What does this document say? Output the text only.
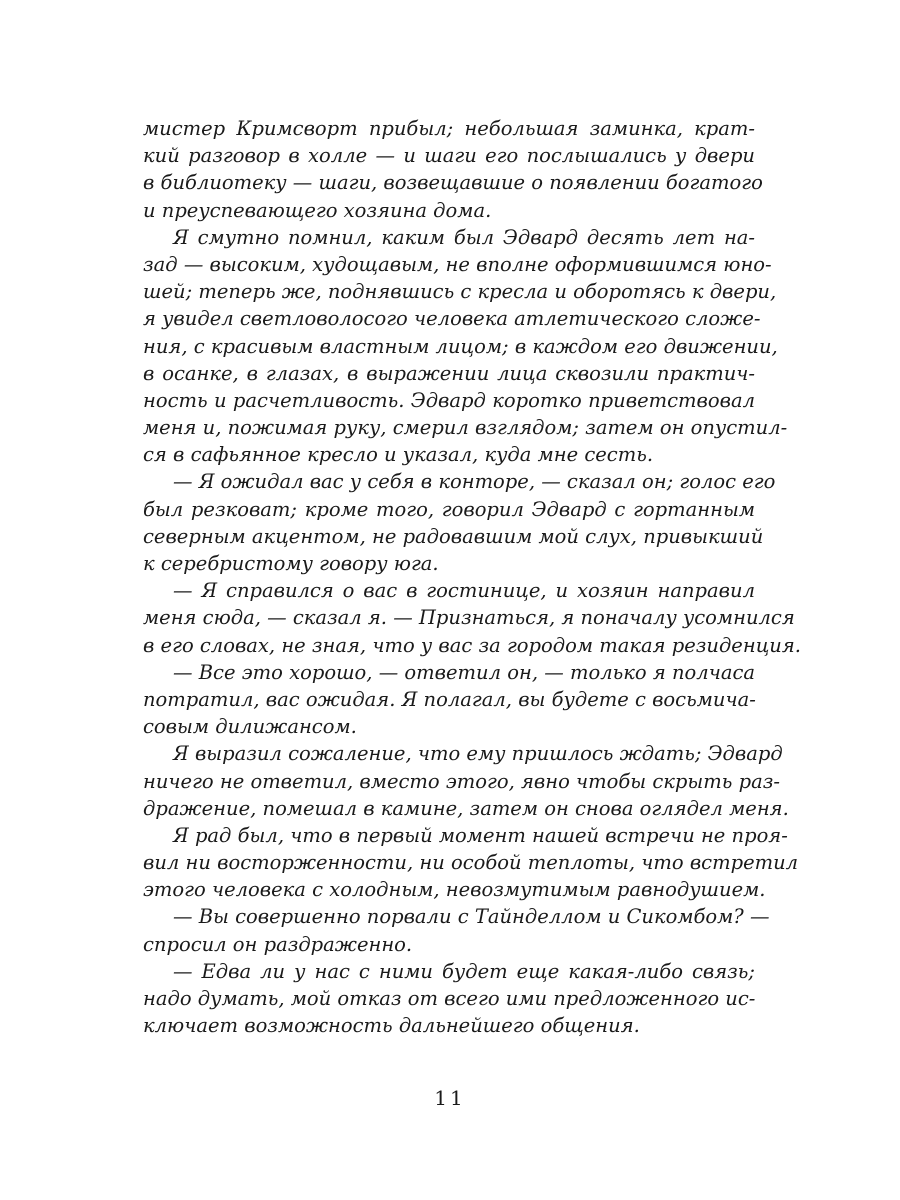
мистер Кримсворт прибыл; небольшая заминка, крат-
кий разговор в холле — и шаги его послышались у двери
в библиотеку — шаги, возвещавшие о появлении богатого
и преуспевающего хозяина дома.
Я смутно помнил, каким был Эдвард десять лет на-
зад — высоким, худощавым, не вполне оформившимся юно-
шей; теперь же, поднявшись с кресла и оборотясь к двери,
я увидел светловолосого человека атлетического сложе-
ния, с красивым властным лицом; в каждом его движении,
в осанке, в глазах, в выражении лица сквозили практич-
ность и расчетливость. Эдвард коротко приветствовал
меня и, пожимая руку, смерил взглядом; затем он опустил-
ся в сафьянное кресло и указал, куда мне сесть.
— Я ожидал вас у себя в конторе, — сказал он; голос его
был резковат; кроме того, говорил Эдвард с гортанным
северным акцентом, не радовавшим мой слух, привыкший
к серебристому говору юга.
— Я справился о вас в гостинице, и хозяин направил
меня сюда, — сказал я. — Признаться, я поначалу усомнился
в его словах, не зная, что у вас за городом такая резиденция.
— Все это хорошо, — ответил он, — только я полчаса
потратил, вас ожидая. Я полагал, вы будете с восьмича-
совым дилижансом.
Я выразил сожаление, что ему пришлось ждать; Эдвард
ничего не ответил, вместо этого, явно чтобы скрыть раз-
дражение, помешал в камине, затем он снова оглядел меня.
Я рад был, что в первый момент нашей встречи не проя-
вил ни восторженности, ни особой теплоты, что встретил
этого человека с холодным, невозмутимым равнодушием.
— Вы совершенно порвали с Тайнделлом и Сикомбом? —
спросил он раздраженно.
— Едва ли у нас с ними будет еще какая-либо связь;
надо думать, мой отказ от всего ими предложенного ис-
ключает возможность дальнейшего общения.
11
